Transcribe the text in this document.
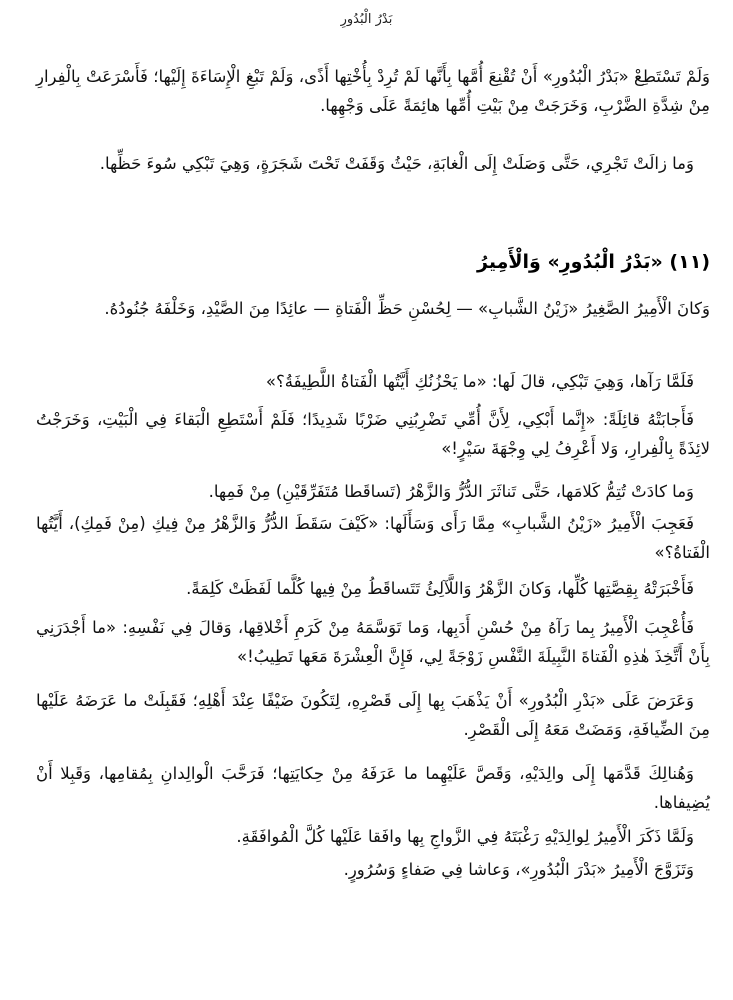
بَدْرُ الْبُدُورِ

وَلَمْ تَسْتَطِعْ «بَدْرُ الْبُدُورِ» أَنْ تُقْنِعَ أُمَّها بِأَنَّها لَمْ تُرِدْ بِأُخْتِها أَذًى، وَلَمْ تَبْغِ الْإِسَاءَةَ إِلَيْها؛ فَأَسْرَعَتْ بِالْفِرارِ مِنْ شِدَّةِ الضَّرْبِ، وَخَرَجَتْ مِنْ بَيْتِ أُمِّها هائِمَةً عَلَى وَجْهِها.

وَما زالَتْ تَجْرِي، حَتَّى وَصَلَتْ إِلَى الْغابَةِ، حَيْثُ وَقَفَتْ تَحْتَ شَجَرَةٍ، وَهِيَ تَبْكِي سُوءَ حَظِّها.

(١١) «بَدْرُ الْبُدُورِ» وَالْأَمِيرُ

وَكانَ الْأَمِيرُ الصَّغِيرُ «زَيْنُ الشَّبابِ» — لِحُسْنِ حَظِّ الْفَتاةِ — عائِدًا مِنَ الصَّيْدِ، وَخَلْفَهُ جُنُودُهُ.

فَلَمَّا رَآها، وَهِيَ تَبْكِي، قالَ لَها: «ما يَحْزُنُكِ أَيَّتُها الْفَتاةُ اللَّطِيفَةُ؟»

فَأَجابَتْهُ قائِلَةً: «إِنَّما أَبْكِي، لِأَنَّ أُمِّي تَضْرِبُنِي ضَرْبًا شَدِيدًا؛ فَلَمْ أَسْتَطِعِ الْبَقاءَ فِي الْبَيْتِ، وَخَرَجْتُ لائِذَةً بِالْفِرارِ، وَلا أَعْرِفُ لِي وِجْهَةَ سَيْرٍ!»

وَما كادَتْ تُتِمُّ كَلامَها، حَتَّى تَناثَرَ الدُّرُّ وَالزَّهْرُ (تَساقَطا مُتَفَرِّقَيْنِ) مِنْ فَمِها.

فَعَجِبَ الْأَمِيرُ «زَيْنُ الشَّبابِ» مِمَّا رَأَى وَسَأَلَها: «كَيْفَ سَقَطَ الدُّرُّ وَالزَّهْرُ مِنْ فِيكِ (مِنْ فَمِكِ)، أَيَّتُها الْفَتاةُ؟»

فَأَخْبَرَتْهُ بِقِصَّتِها كُلِّها، وَكانَ الزَّهْرُ وَاللَّآلِئُ تَتَساقَطُ مِنْ فِيها كُلَّما لَفَظَتْ كَلِمَةً.

فَأُعْجِبَ الْأَمِيرُ بِما رَآهُ مِنْ حُسْنِ أَدَبِها، وَما تَوَسَّمَهُ مِنْ كَرَمِ أَخْلاقِها، وَقالَ فِي نَفْسِهِ: «ما أَجْدَرَنِي بِأَنْ أَتَّخِذَ هٰذِهِ الْفَتاةَ النَّبِيلَةَ النَّفْسِ زَوْجَةً لِي، فَإِنَّ الْعِشْرَةَ مَعَها تَطِيبُ!»

وَعَرَضَ عَلَى «بَدْرِ الْبُدُورِ» أَنْ يَذْهَبَ بِها إِلَى قَصْرِهِ، لِتَكُونَ ضَيْفًا عِنْدَ أَهْلِهِ؛ فَقَبِلَتْ ما عَرَضَهُ عَلَيْها مِنَ الضِّيافَةِ، وَمَضَتْ مَعَهُ إِلَى الْقَصْرِ.

وَهُنالِكَ قَدَّمَها إِلَى والِدَيْهِ، وَقَصَّ عَلَيْهِما ما عَرَفَهُ مِنْ حِكايَتِها؛ فَرَحَّبَ الْوالِدانِ بِمُقامِها، وَقَبِلا أَنْ يُضِيفاها.

وَلَمَّا ذَكَرَ الْأَمِيرُ لِوالِدَيْهِ رَغْبَتَهُ فِي الزَّواجِ بِها وافَقا عَلَيْها كُلَّ الْمُوافَقَةِ.

وَتَزَوَّجَ الْأَمِيرُ «بَدْرَ الْبُدُورِ»، وَعاشا فِي صَفاءٍ وَسُرُورٍ.
